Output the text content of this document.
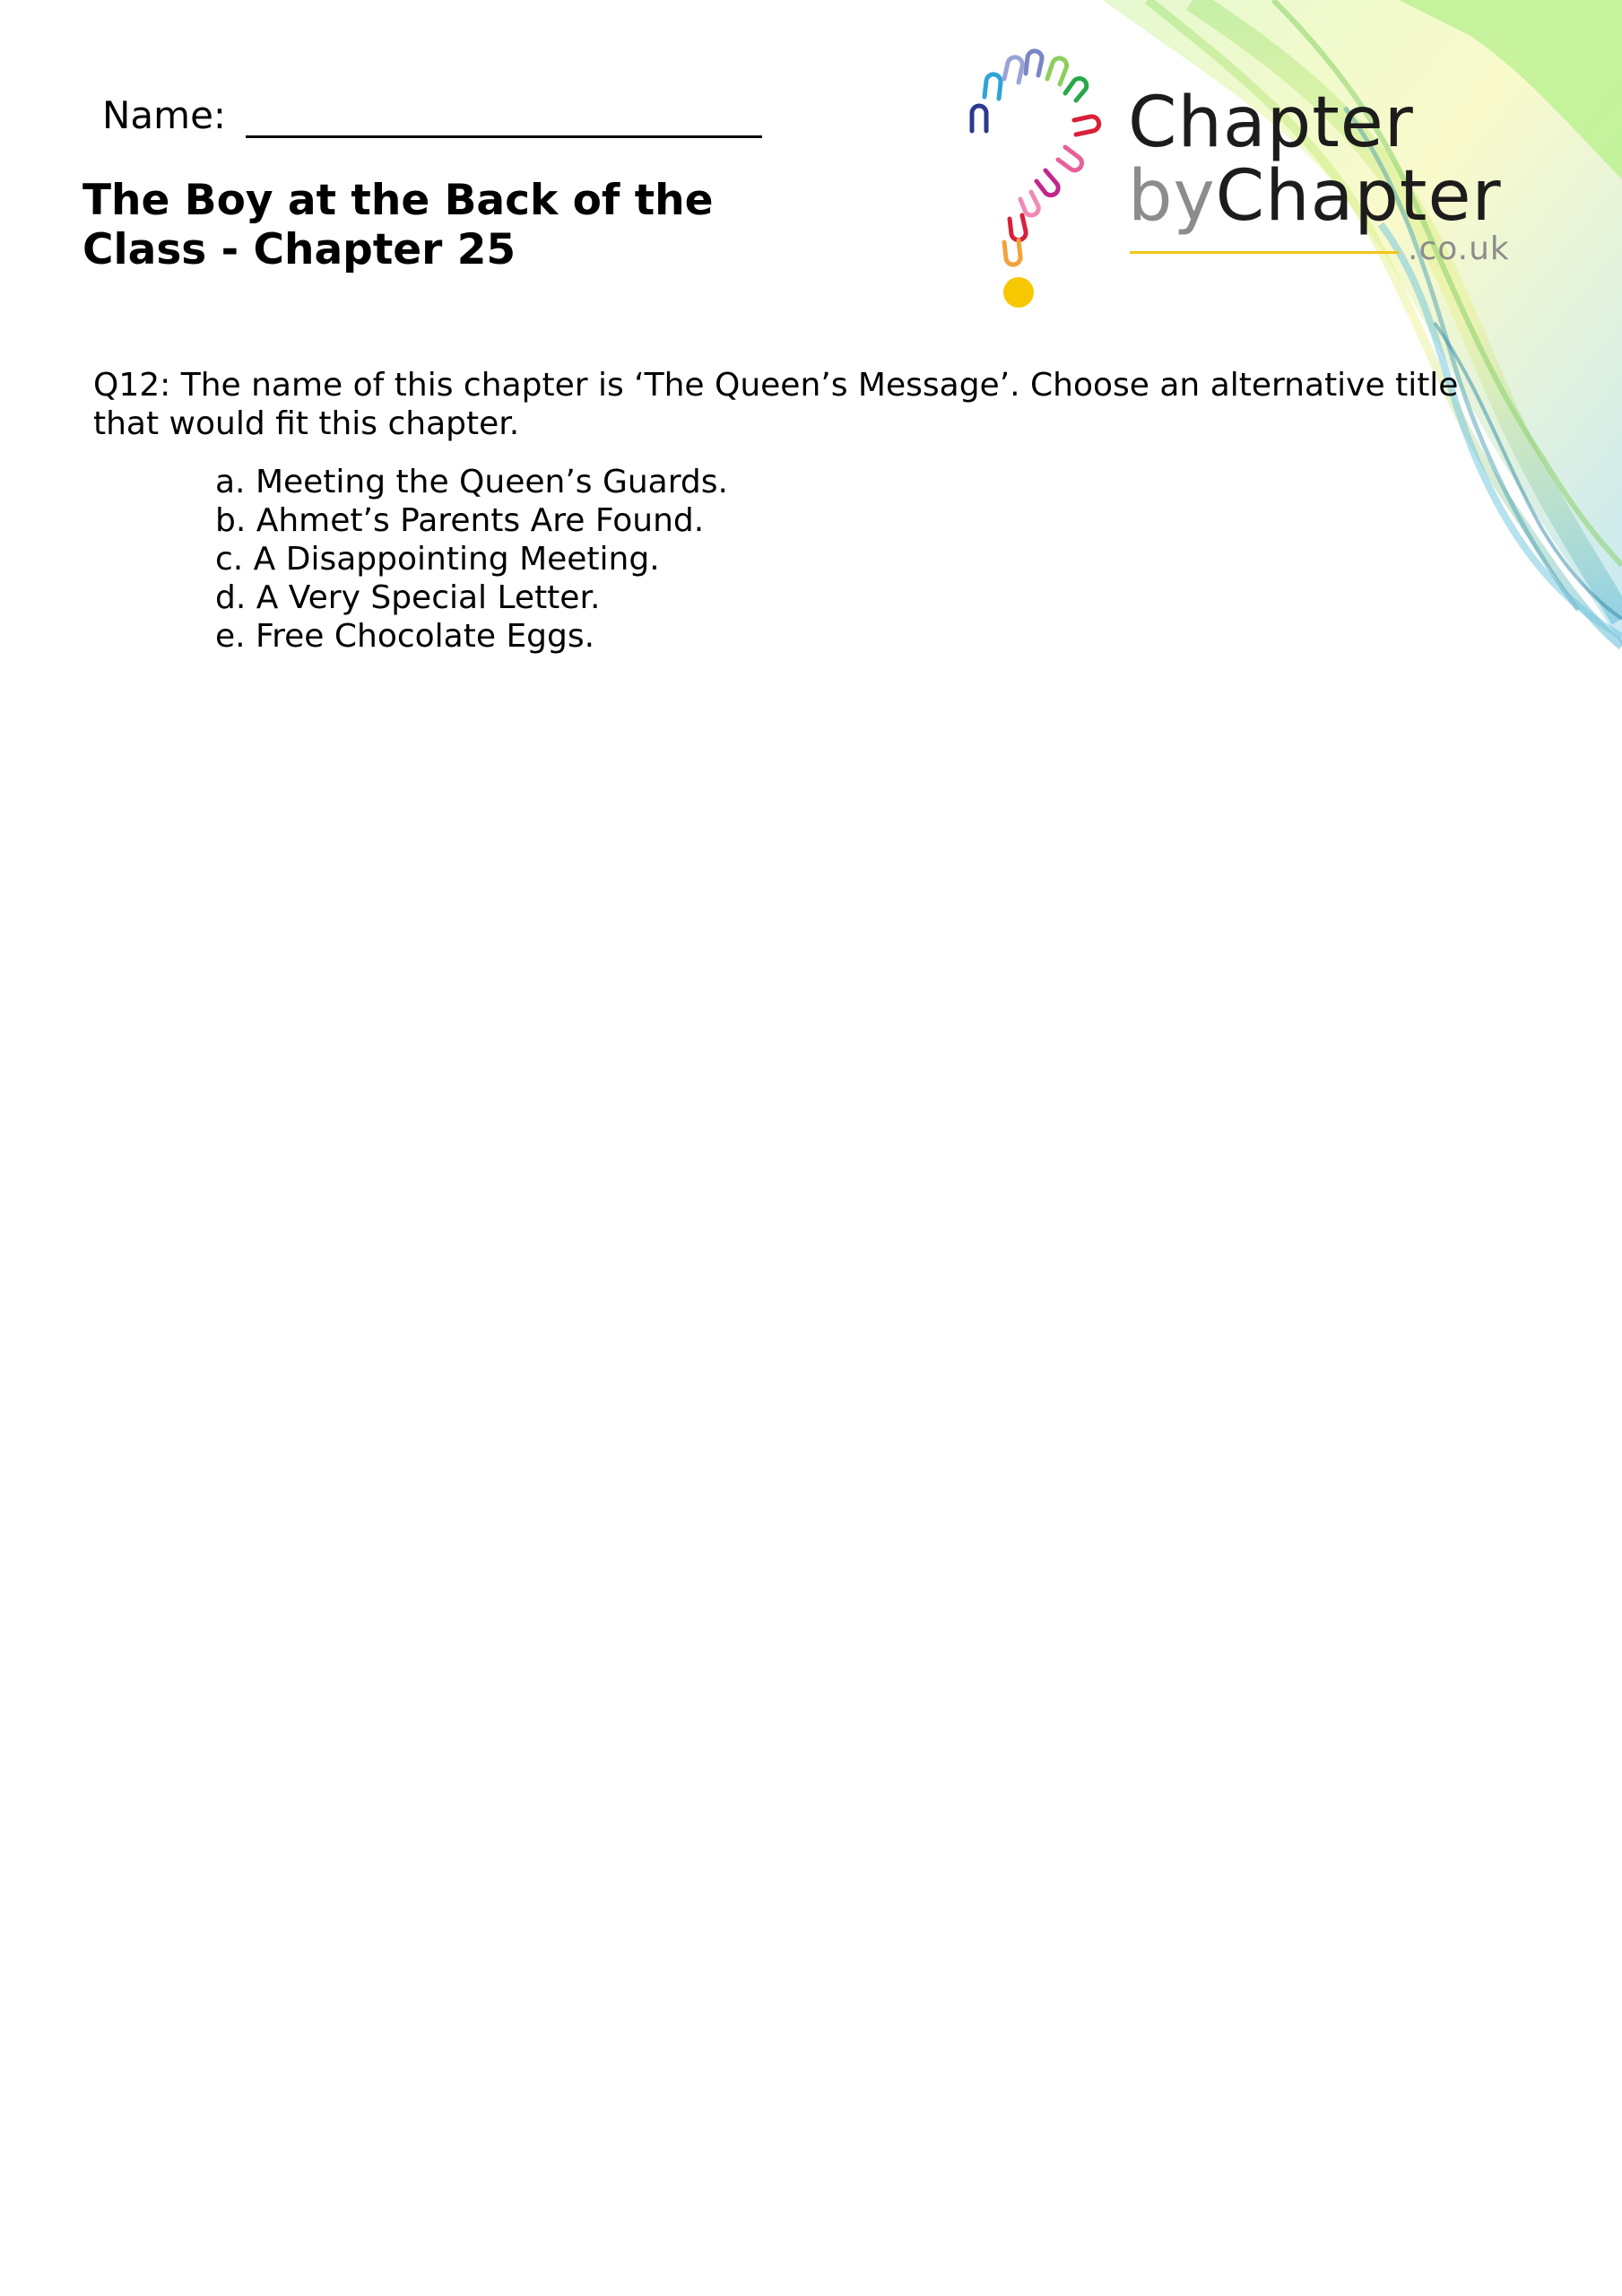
Name:
The Boy at the Back of the Class - Chapter 25
Chapter
byChapter
.co.uk
Q12: The name of this chapter is ‘The Queen’s Message’. Choose an alternative title that would fit this chapter.
a. Meeting the Queen’s Guards.
b. Ahmet’s Parents Are Found.
c. A Disappointing Meeting.
d. A Very Special Letter.
e. Free Chocolate Eggs.
